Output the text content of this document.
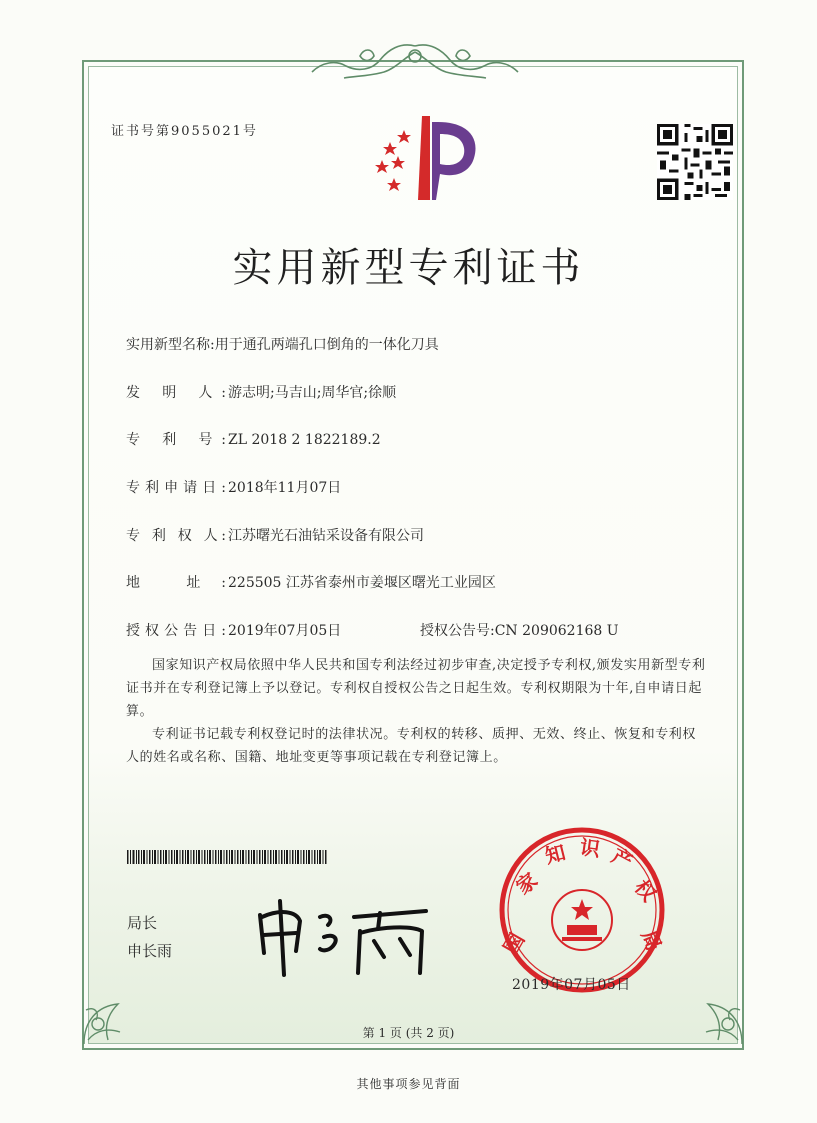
证书号第9055021号
实用新型专利证书
实用新型名称:用于通孔两端孔口倒角的一体化刀具
发 明 人: 游志明;马吉山;周华官;徐顺
专 利 号: ZL 2018 2 1822189.2
专利申请日: 2018年11月07日
专 利 权 人: 江苏曙光石油钻采设备有限公司
地 址: 225505 江苏省泰州市姜堰区曙光工业园区
授权公告日: 2019年07月05日	授权公告号:CN 209062168 U

国家知识产权局依照中华人民共和国专利法经过初步审查,决定授予专利权,颁发实用新型专利证书并在专利登记簿上予以登记。专利权自授权公告之日起生效。专利权期限为十年,自申请日起算。

专利证书记载专利权登记时的法律状况。专利权的转移、质押、无效、终止、恢复和专利权人的姓名或名称、国籍、地址变更等事项记载在专利登记簿上。

局长
申长雨	国
家
知 识 产
权
局
2019年07月05日
第 1 页 (共 2 页)
其他事项参见背面
